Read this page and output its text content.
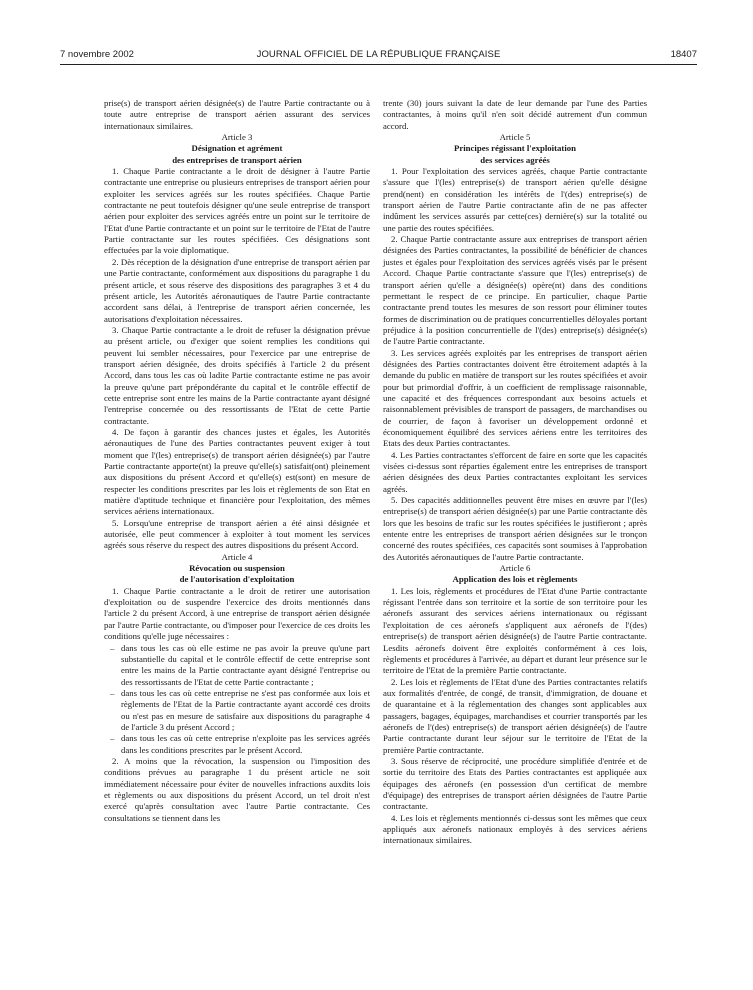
7 novembre 2002	JOURNAL OFFICIEL DE LA RÉPUBLIQUE FRANÇAISE	18407

prise(s) de transport aérien désignée(s) de l'autre Partie contractante ou à toute autre entreprise de transport aérien assurant des services internationaux similaires.

Article 3

Désignation et agrément
des entreprises de transport aérien

1. Chaque Partie contractante a le droit de désigner à l'autre Partie contractante une entreprise ou plusieurs entreprises de transport aérien pour exploiter les services agréés sur les routes spécifiées. Chaque Partie contractante ne peut toutefois désigner qu'une seule entreprise de transport aérien pour exploiter des services agréés entre un point sur le territoire de l'Etat d'une Partie contractante et un point sur le territoire de l'Etat de l'autre Partie contractante sur les routes spécifiées. Ces désignations sont effectuées par la voie diplomatique.

2. Dès réception de la désignation d'une entreprise de transport aérien par une Partie contractante, conformément aux dispositions du paragraphe 1 du présent article, et sous réserve des dispositions des paragraphes 3 et 4 du présent article, les Autorités aéronautiques de l'autre Partie contractante accordent sans délai, à l'entreprise de transport aérien concernée, les autorisations d'exploitation nécessaires.

3. Chaque Partie contractante a le droit de refuser la désignation prévue au présent article, ou d'exiger que soient remplies les conditions qui peuvent lui sembler nécessaires, pour l'exercice par une entreprise de transport aérien désignée, des droits spécifiés à l'article 2 du présent Accord, dans tous les cas où ladite Partie contractante estime ne pas avoir la preuve qu'une part prépondérante du capital et le contrôle effectif de cette entreprise sont entre les mains de la Partie contractante ayant désigné l'entreprise concernée ou des ressortissants de l'Etat de cette Partie contractante.

4. De façon à garantir des chances justes et égales, les Autorités aéronautiques de l'une des Parties contractantes peuvent exiger à tout moment que l'(les) entreprise(s) de transport aérien désignée(s) par l'autre Partie contractante apporte(nt) la preuve qu'elle(s) satisfait(ont) pleinement aux dispositions du présent Accord et qu'elle(s) est(sont) en mesure de respecter les conditions prescrites par les lois et règlements de son Etat en matière d'aptitude technique et financière pour l'exploitation, des mêmes services aériens internationaux.

5. Lorsqu'une entreprise de transport aérien a été ainsi désignée et autorisée, elle peut commencer à exploiter à tout moment les services agréés sous réserve du respect des autres dispositions du présent Accord.

Article 4

Révocation ou suspension
de l'autorisation d'exploitation

1. Chaque Partie contractante a le droit de retirer une autorisation d'exploitation ou de suspendre l'exercice des droits mentionnés dans l'article 2 du présent Accord, à une entreprise de transport aérien désignée par l'autre Partie contractante, ou d'imposer pour l'exercice de ces droits les conditions qu'elle juge nécessaires :

– dans tous les cas où elle estime ne pas avoir la preuve qu'une part substantielle du capital et le contrôle effectif de cette entreprise sont entre les mains de la Partie contractante ayant désigné l'entreprise ou des ressortissants de l'Etat de cette Partie contractante ;
– dans tous les cas où cette entreprise ne s'est pas conformée aux lois et règlements de l'Etat de la Partie contractante ayant accordé ces droits ou n'est pas en mesure de satisfaire aux dispositions du paragraphe 4 de l'article 3 du présent Accord ;
– dans tous les cas où cette entreprise n'exploite pas les services agréés dans les conditions prescrites par le présent Accord.

2. A moins que la révocation, la suspension ou l'imposition des conditions prévues au paragraphe 1 du présent article ne soit immédiatement nécessaire pour éviter de nouvelles infractions auxdits lois et règlements ou aux dispositions du présent Accord, un tel droit n'est exercé qu'après consultation avec l'autre Partie contractante. Ces consultations se tiennent dans les

trente (30) jours suivant la date de leur demande par l'une des Parties contractantes, à moins qu'il n'en soit décidé autrement d'un commun accord.

Article 5

Principes régissant l'exploitation
des services agréés

1. Pour l'exploitation des services agréés, chaque Partie contractante s'assure que l'(les) entreprise(s) de transport aérien qu'elle désigne prend(nent) en considération les intérêts de l'(des) entreprise(s) de transport aérien de l'autre Partie contractante afin de ne pas affecter indûment les services assurés par cette(ces) dernière(s) sur la totalité ou une partie des routes spécifiées.

2. Chaque Partie contractante assure aux entreprises de transport aérien désignées des Parties contractantes, la possibilité de bénéficier de chances justes et égales pour l'exploitation des services agréés visés par le présent Accord. Chaque Partie contractante s'assure que l'(les) entreprise(s) de transport aérien qu'elle a désignée(s) opère(nt) dans des conditions permettant le respect de ce principe. En particulier, chaque Partie contractante prend toutes les mesures de son ressort pour éliminer toutes formes de discrimination ou de pratiques concurrentielles déloyales portant préjudice à la position concurrentielle de l'(des) entreprise(s) désignée(s) de l'autre Partie contractante.

3. Les services agréés exploités par les entreprises de transport aérien désignées des Parties contractantes doivent être étroitement adaptés à la demande du public en matière de transport sur les routes spécifiées et avoir pour but primordial d'offrir, à un coefficient de remplissage raisonnable, une capacité et des fréquences correspondant aux besoins actuels et raisonnablement prévisibles de transport de passagers, de marchandises ou de courrier, de façon à favoriser un développement ordonné et économiquement équilibré des services aériens entre les territoires des Etats des deux Parties contractantes.

4. Les Parties contractantes s'efforcent de faire en sorte que les capacités visées ci-dessus sont réparties également entre les entreprises de transport aérien désignées des deux Parties contractantes exploitant les services agréés.

5. Des capacités additionnelles peuvent être mises en œuvre par l'(les) entreprise(s) de transport aérien désignée(s) par une Partie contractante dès lors que les besoins de trafic sur les routes spécifiées le justifieront ; après entente entre les entreprises de transport aérien désignées sur le tronçon concerné des routes spécifiées, ces capacités sont soumises à l'approbation des Autorités aéronautiques de l'autre Partie contractante.

Article 6

Application des lois et règlements

1. Les lois, règlements et procédures de l'Etat d'une Partie contractante régissant l'entrée dans son territoire et la sortie de son territoire pour les aéronefs assurant des services aériens internationaux ou régissant l'exploitation de ces aéronefs s'appliquent aux aéronefs de l'(des) entreprise(s) de transport aérien désignée(s) de l'autre Partie contractante. Lesdits aéronefs doivent être exploités conformément à ces lois, règlements et procédures à l'arrivée, au départ et durant leur présence sur le territoire de l'Etat de la première Partie contractante.

2. Les lois et règlements de l'Etat d'une des Parties contractantes relatifs aux formalités d'entrée, de congé, de transit, d'immigration, de douane et de quarantaine et à la réglementation des changes sont applicables aux passagers, bagages, équipages, marchandises et courrier transportés par les aéronefs de l'(des) entreprise(s) de transport aérien désignée(s) de l'autre Partie contractante durant leur séjour sur le territoire de l'Etat de la première Partie contractante.

3. Sous réserve de réciprocité, une procédure simplifiée d'entrée et de sortie du territoire des Etats des Parties contractantes est appliquée aux équipages des aéronefs (en possession d'un certificat de membre d'équipage) des entreprises de transport aérien désignées de l'autre Partie contractante.

4. Les lois et règlements mentionnés ci-dessus sont les mêmes que ceux appliqués aux aéronefs nationaux employés à des services aériens internationaux similaires.
